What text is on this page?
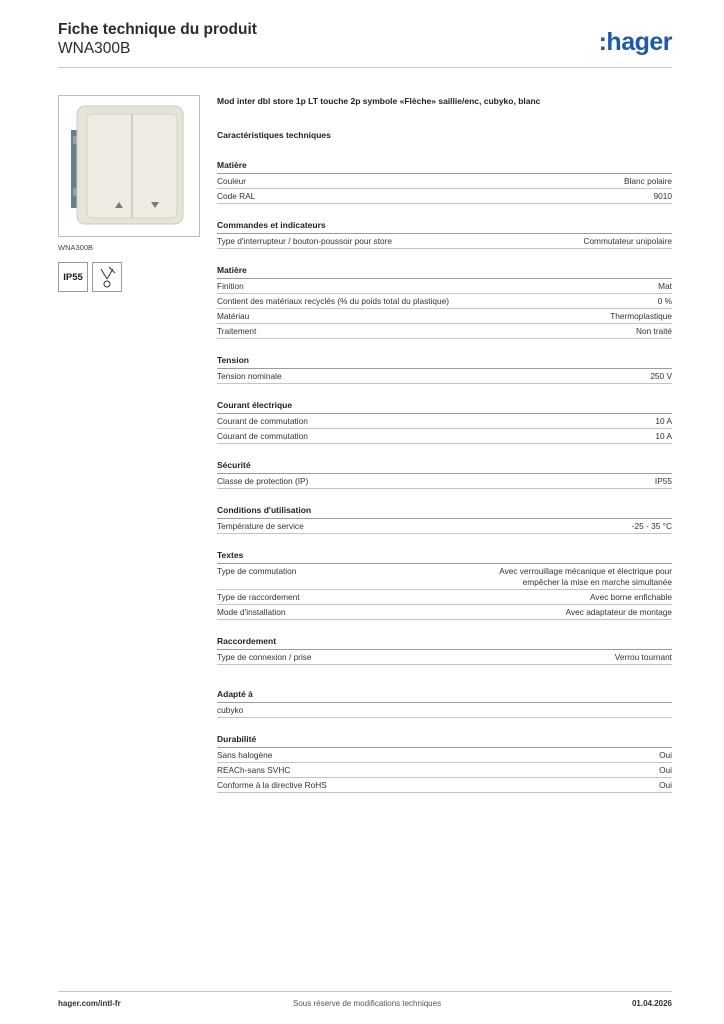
Fiche technique du produit
WNA300B	:hager
WNA300B
IP55
Mod inter dbl store 1p LT touche 2p symbole «Flèche» saillie/enc, cubyko, blanc
Caractéristiques techniques
Matière
Couleur	Blanc polaire
Code RAL	9010
Commandes et indicateurs
Type d'interrupteur / bouton-poussoir pour store	Commutateur unipolaire
Matière
Finition	Mat
Contient des matériaux recyclés (% du poids total du plastique)	0 %
Matériau	Thermoplastique
Traitement	Non traité
Tension
Tension nominale	250 V
Courant électrique
Courant de commutation	10 A
Courant de commutation	10 A
Sécurité
Classe de protection (IP)	IP55
Conditions d'utilisation
Température de service	-25 - 35 °C
Textes
Type de commutation	Avec verrouillage mécanique et électrique pour empêcher la mise en marche simultanée
Type de raccordement	Avec borne enfichable
Mode d'installation	Avec adaptateur de montage
Raccordement
Type de connexion / prise	Verrou tournant
Adapté à
cubyko
Durabilité
Sans halogène	Oui
REACh-sans SVHC	Oui
Conforme à la directive RoHS	Oui
hager.com/intl-fr	Sous réserve de modifications techniques	01.04.2026
